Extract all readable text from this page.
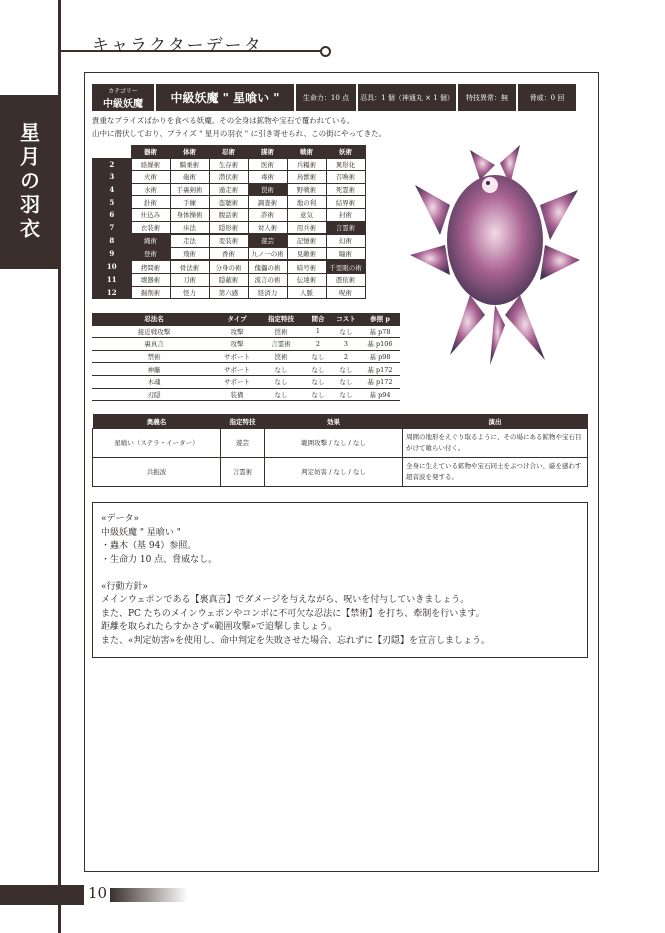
キャラクターデータ
星月の羽衣
10
カテゴリー
中級妖魔	中級妖魔 " 星喰い "	生命力：10 点	忍具：1 個（神通丸 × 1 個）	特技異常：無	脅威：0 回
貴重なプライズばかりを食べる妖魔。その全身は鉱物や宝石で覆われている。
山中に潜伏しており、プライズ " 星月の羽衣 " に引き寄せられ、この街にやってきた。
	器術	体術	忍術	謀術	戦術	妖術
2	絡繰術	騎乗術	生存術	医術	兵糧術	異形化
3	火術	砲術	潜伏術	毒術	鳥獣術	召喚術
4	水術	手裏剣術	遁走術	罠術	野戦術	死霊術
5	針術	手練	盗聴術	調査術	地の利	結界術
6	仕込み	身体操術	腹話術	詐術	意気	封術
7	衣装術	歩法	隠形術	対人術	用兵術	言霊術
8	縄術	走法	変装術	遊芸	記憶術	幻術
9	登術	飛術	香術	九ノ一の術	見敵術	瞳術
10	拷問術	骨法術	分身の術	傀儡の術	暗号術	千里眼の術
11	壊器術	刀術	隠蔽術	流言の術	伝達術	憑依術
12	掘削術	怪力	第六感	経済力	人脈	呪術
忍法名	タイプ	指定特技	間合	コスト	参照 p
接近戦攻撃	攻撃	罠術	1	なし	基 p78
裏真言	攻撃	言霊術	2	3	基 p106
禁術	サポート	罠術	なし	2	基 p98
神籬	サポート	なし	なし	なし	基 p172
木魂	サポート	なし	なし	なし	基 p172
刃隠	装備	なし	なし	なし	基 p94
奥義名	指定特技	効果	演出
星喰い（ステラ・イーター）	遊芸	範囲攻撃 / なし / なし	周囲の地形をえぐり取るように、その場にある鉱物や宝石目がけて喰らい付く。
共振波	言霊術	判定妨害 / なし / なし	全身に生えている鉱物や宝石同士をぶつけ合い、厳を感わす超音波を発する。
«データ»
中級妖魔 " 星喰い "
・蟲木（基 94）参照。
・生命力 10 点、脅威なし。

«行動方針»
メインウェポンである【裏真言】でダメージを与えながら、呪いを付与していきましょう。
また、PC たちのメインウェポンやコンボに不可欠な忍法に【禁術】を打ち、牽制を行います。
距離を取られたらすかさず«範囲攻撃»で追撃しましょう。
また、«判定妨害»を使用し、命中判定を失敗させた場合、忘れずに【刃隠】を宣言しましょう。
